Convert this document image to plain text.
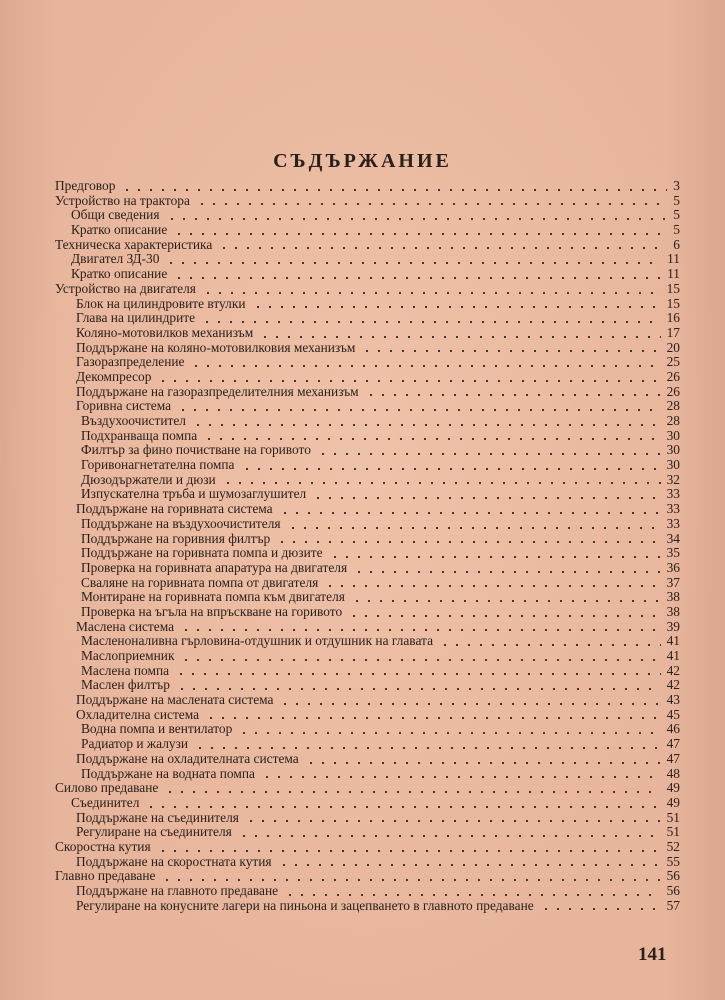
СЪДЪРЖАНИЕ
Предговор	3
Устройство на трактора	5
Общи сведения	5
Кратко описание	5
Техническа характеристика	6
Двигател ЗД-30	11
Кратко описание	11
Устройство на двигателя	15
Блок на цилиндровите втулки	15
Глава на цилиндрите	16
Коляно-мотовилков механизъм	17
Поддържане на коляно-мотовилковия механизъм	20
Газоразпределение	25
Декомпресор	26
Поддържане на газоразпределителния механизъм	26
Горивна система	28
Въздухоочистител	28
Подхранваща помпа	30
Филтър за фино почистване на горивото	30
Горивонагнетателна помпа	30
Дюзодържатели и дюзи	32
Изпускателна тръба и шумозаглушител	33
Поддържане на горивната система	33
Поддържане на въздухоочистителя	33
Поддържане на горивния филтър	34
Поддържане на горивната помпа и дюзите	35
Проверка на горивната апаратура на двигателя	36
Сваляне на горивната помпа от двигателя	37
Монтиране на горивната помпа към двигателя	38
Проверка на ъгъла на впръскване на горивото	38
Маслена система	39
Масленоналивна гърловина-отдушник и отдушник на главата	41
Маслоприемник	41
Маслена помпа	42
Маслен филтър	42
Поддържане на маслената система	43
Охладителна система	45
Водна помпа и вентилатор	46
Радиатор и жалузи	47
Поддържане на охладителната система	47
Поддържане на водната помпа	48
Силово предаване	49
Съединител	49
Поддържане на съединителя	51
Регулиране на съединителя	51
Скоростна кутия	52
Поддържане на скоростната кутия	55
Главно предаване	56
Поддържане на главното предаване	56
Регулиране на конусните лагери на пиньона и зацепването в главното предаване	57
141
